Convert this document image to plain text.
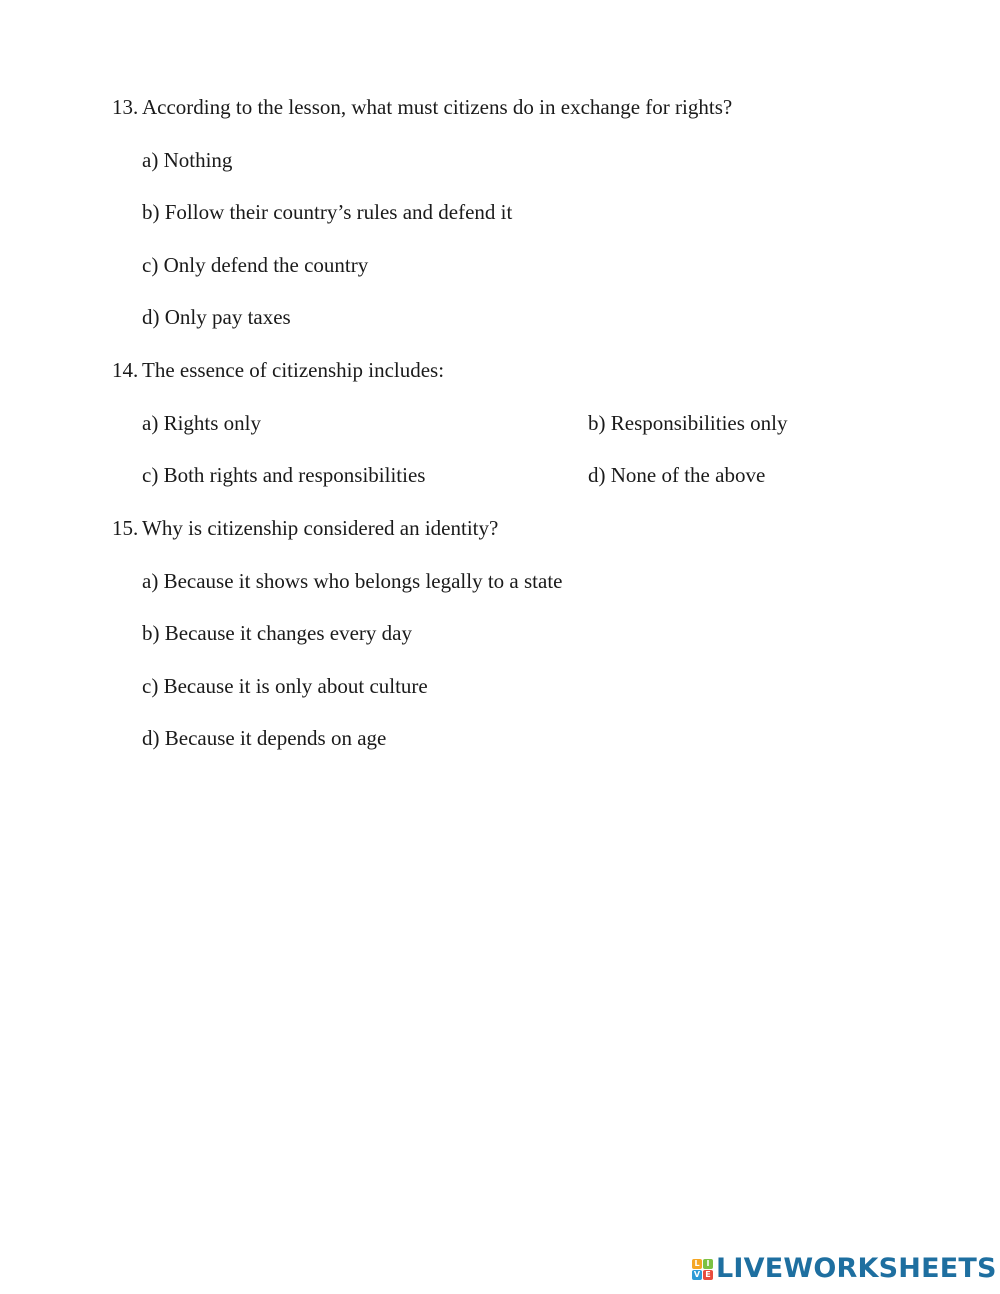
13. According to the lesson, what must citizens do in exchange for rights?
a) Nothing
b) Follow their country’s rules and defend it
c) Only defend the country
d) Only pay taxes
14. The essence of citizenship includes:
a) Rights only	b) Responsibilities only
c) Both rights and responsibilities	d) None of the above
15. Why is citizenship considered an identity?
a) Because it shows who belongs legally to a state
b) Because it changes every day
c) Because it is only about culture
d) Because it depends on age
L I
V E LIVEWORKSHEETS
